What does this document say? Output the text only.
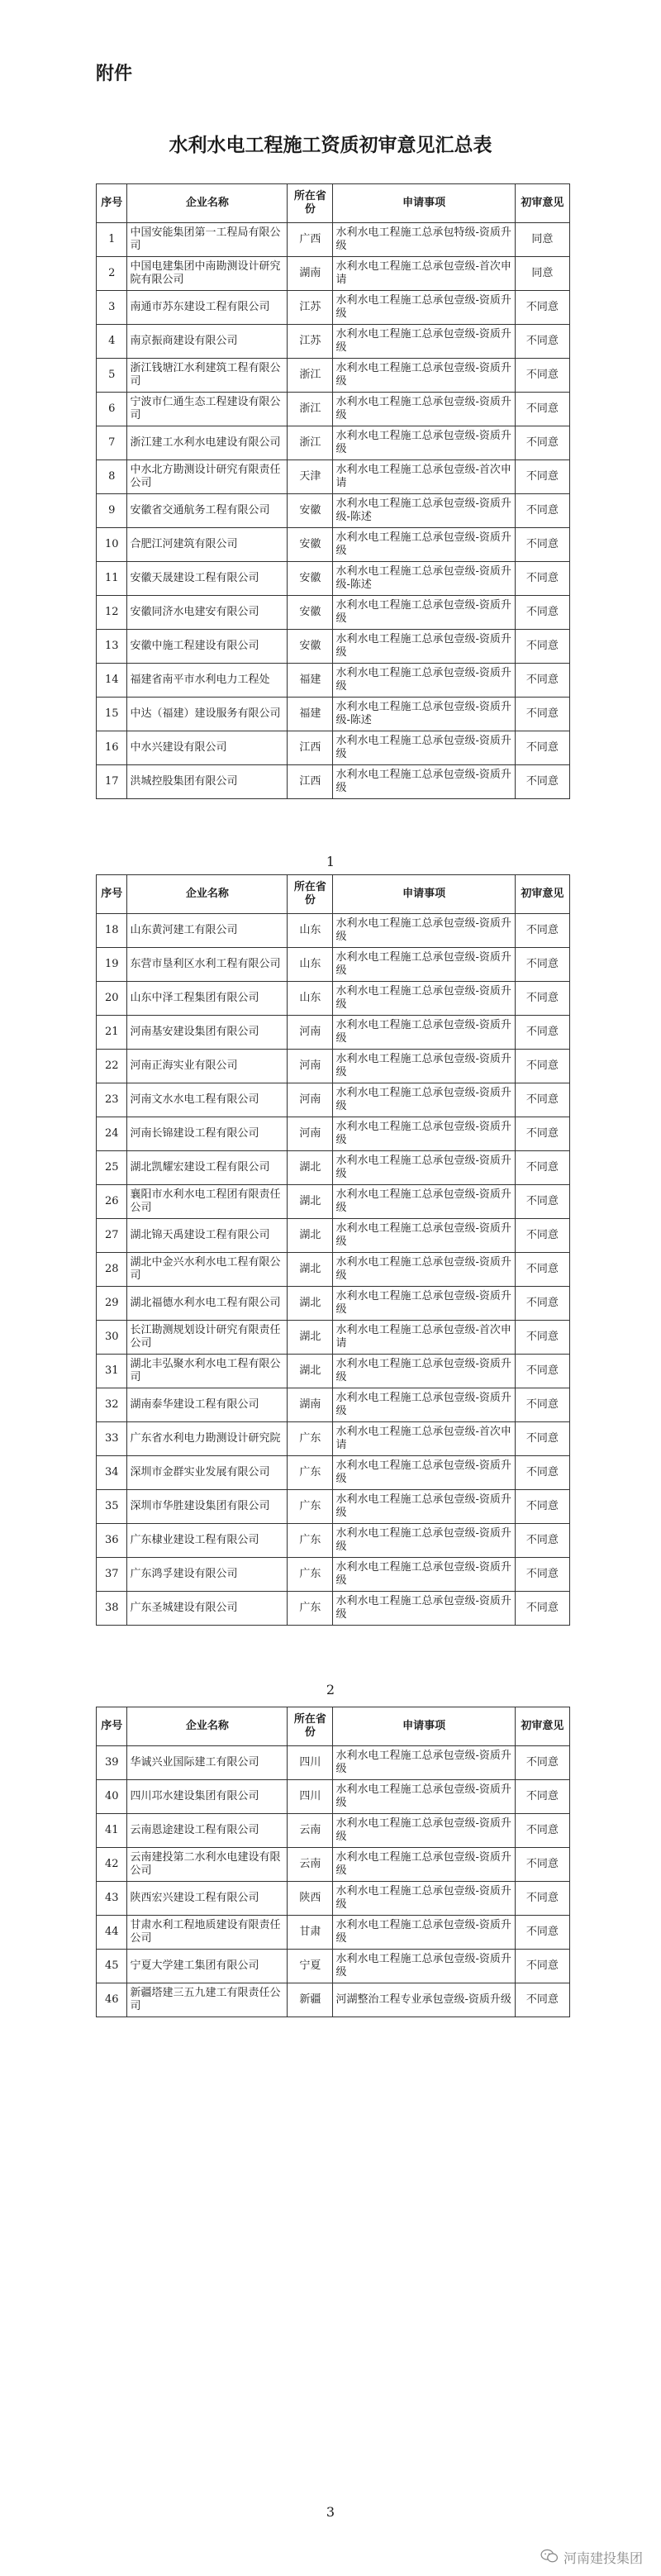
附件
水利水电工程施工资质初审意见汇总表
序号	企业名称	所在省份	申请事项	初审意见
1	中国安能集团第一工程局有限公司	广西	水利水电工程施工总承包特级-资质升级	同意
2	中国电建集团中南勘测设计研究院有限公司	湖南	水利水电工程施工总承包壹级-首次申请	同意
3	南通市苏东建设工程有限公司	江苏	水利水电工程施工总承包壹级-资质升级	不同意
4	南京振商建设有限公司	江苏	水利水电工程施工总承包壹级-资质升级	不同意
5	浙江钱塘江水利建筑工程有限公司	浙江	水利水电工程施工总承包壹级-资质升级	不同意
6	宁波市仁通生态工程建设有限公司	浙江	水利水电工程施工总承包壹级-资质升级	不同意
7	浙江建工水利水电建设有限公司	浙江	水利水电工程施工总承包壹级-资质升级	不同意
8	中水北方勘测设计研究有限责任公司	天津	水利水电工程施工总承包壹级-首次申请	不同意
9	安徽省交通航务工程有限公司	安徽	水利水电工程施工总承包壹级-资质升级-陈述	不同意
10	合肥江河建筑有限公司	安徽	水利水电工程施工总承包壹级-资质升级	不同意
11	安徽天晟建设工程有限公司	安徽	水利水电工程施工总承包壹级-资质升级-陈述	不同意
12	安徽同济水电建安有限公司	安徽	水利水电工程施工总承包壹级-资质升级	不同意
13	安徽中施工程建设有限公司	安徽	水利水电工程施工总承包壹级-资质升级	不同意
14	福建省南平市水利电力工程处	福建	水利水电工程施工总承包壹级-资质升级	不同意
15	中达（福建）建设服务有限公司	福建	水利水电工程施工总承包壹级-资质升级-陈述	不同意
16	中水兴建设有限公司	江西	水利水电工程施工总承包壹级-资质升级	不同意
17	洪城控股集团有限公司	江西	水利水电工程施工总承包壹级-资质升级	不同意
1
序号	企业名称	所在省份	申请事项	初审意见
18	山东黄河建工有限公司	山东	水利水电工程施工总承包壹级-资质升级	不同意
19	东营市垦利区水利工程有限公司	山东	水利水电工程施工总承包壹级-资质升级	不同意
20	山东中泽工程集团有限公司	山东	水利水电工程施工总承包壹级-资质升级	不同意
21	河南基安建设集团有限公司	河南	水利水电工程施工总承包壹级-资质升级	不同意
22	河南正海实业有限公司	河南	水利水电工程施工总承包壹级-资质升级	不同意
23	河南文水水电工程有限公司	河南	水利水电工程施工总承包壹级-资质升级	不同意
24	河南长锦建设工程有限公司	河南	水利水电工程施工总承包壹级-资质升级	不同意
25	湖北凯耀宏建设工程有限公司	湖北	水利水电工程施工总承包壹级-资质升级	不同意
26	襄阳市水利水电工程团有限责任公司	湖北	水利水电工程施工总承包壹级-资质升级	不同意
27	湖北锦天禹建设工程有限公司	湖北	水利水电工程施工总承包壹级-资质升级	不同意
28	湖北中金兴水利水电工程有限公司	湖北	水利水电工程施工总承包壹级-资质升级	不同意
29	湖北福德水利水电工程有限公司	湖北	水利水电工程施工总承包壹级-资质升级	不同意
30	长江勘测规划设计研究有限责任公司	湖北	水利水电工程施工总承包壹级-首次申请	不同意
31	湖北丰弘聚水利水电工程有限公司	湖北	水利水电工程施工总承包壹级-资质升级	不同意
32	湖南泰华建设工程有限公司	湖南	水利水电工程施工总承包壹级-资质升级	不同意
33	广东省水利电力勘测设计研究院	广东	水利水电工程施工总承包壹级-首次申请	不同意
34	深圳市金群实业发展有限公司	广东	水利水电工程施工总承包壹级-资质升级	不同意
35	深圳市华胜建设集团有限公司	广东	水利水电工程施工总承包壹级-资质升级	不同意
36	广东棣业建设工程有限公司	广东	水利水电工程施工总承包壹级-资质升级	不同意
37	广东鸿孚建设有限公司	广东	水利水电工程施工总承包壹级-资质升级	不同意
38	广东圣城建设有限公司	广东	水利水电工程施工总承包壹级-资质升级	不同意
2
序号	企业名称	所在省份	申请事项	初审意见
39	华诚兴业国际建工有限公司	四川	水利水电工程施工总承包壹级-资质升级	不同意
40	四川邛水建设集团有限公司	四川	水利水电工程施工总承包壹级-资质升级	不同意
41	云南恩途建设工程有限公司	云南	水利水电工程施工总承包壹级-资质升级	不同意
42	云南建投第二水利水电建设有限公司	云南	水利水电工程施工总承包壹级-资质升级	不同意
43	陕西宏兴建设工程有限公司	陕西	水利水电工程施工总承包壹级-资质升级	不同意
44	甘肃水利工程地质建设有限责任公司	甘肃	水利水电工程施工总承包壹级-资质升级	不同意
45	宁夏大学建工集团有限公司	宁夏	水利水电工程施工总承包壹级-资质升级	不同意
46	新疆塔建三五九建工有限责任公司	新疆	河湖整治工程专业承包壹级-资质升级	不同意
3
河南建投集团
